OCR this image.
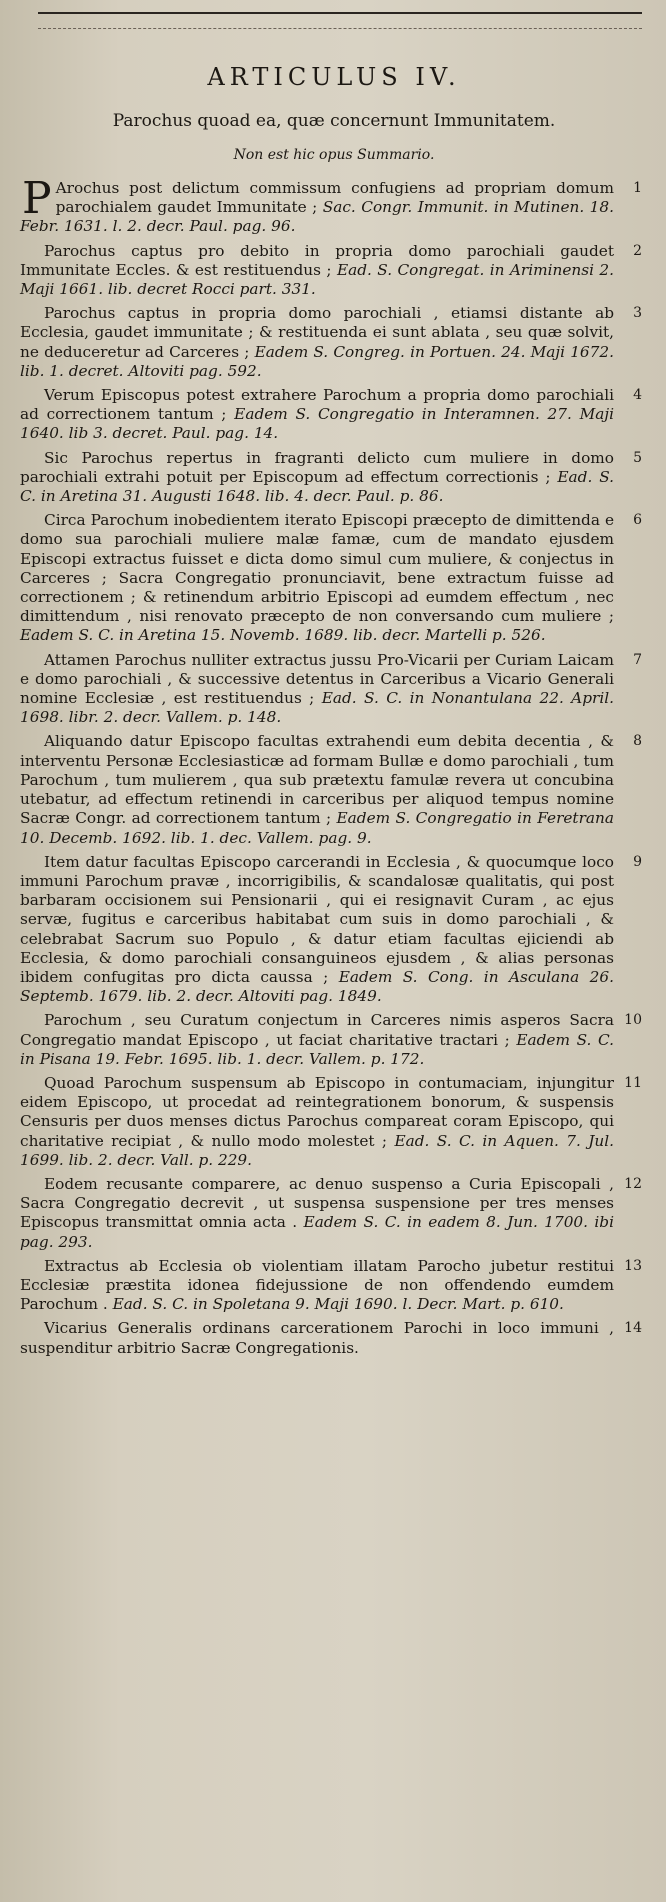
ARTICULUS IV.
Parochus quoad ea, quæ concernunt Immunitatem.
Non est hic opus Summario.
P Arochus post delictum commissum confugiens ad propriam domum parochialem gaudet Immunitate ; Sac. Congr. Immunit. in Mutinen. 18. Febr. 1631. l. 2. decr. Paul. pag. 96.
1
Parochus captus pro debito in propria domo parochiali gaudet Immunitate Eccles. & est restituendus ; Ead. S. Congregat. in Ariminensi 2. Maji 1661. lib. decret Rocci part. 331.
2
Parochus captus in propria domo parochiali , etiamsi distante ab Ecclesia, gaudet immunitate ; & restituenda ei sunt ablata , seu quæ solvit, ne deduceretur ad Carceres ; Eadem S. Congreg. in Portuen. 24. Maji 1672. lib. 1. decret. Altoviti pag. 592.
3
Verum Episcopus potest extrahere Parochum a propria domo parochiali ad correctionem tantum ; Eadem S. Congregatio in Interamnen. 27. Maji 1640. lib 3. decret. Paul. pag. 14.
4
Sic Parochus repertus in fragranti delicto cum muliere in domo parochiali extrahi potuit per Episcopum ad effectum correctionis ; Ead. S. C. in Aretina 31. Augusti 1648. lib. 4. decr. Paul. p. 86.
5
Circa Parochum inobedientem iterato Episcopi præcepto de dimittenda e domo sua parochiali muliere malæ famæ, cum de mandato ejusdem Episcopi extractus fuisset e dicta domo simul cum muliere, & conjectus in Carceres ; Sacra Congregatio pronunciavit, bene extractum fuisse ad correctionem ; & retinendum arbitrio Episcopi ad eumdem effectum , nec dimittendum , nisi renovato præcepto de non conversando cum muliere ; Eadem S. C. in Aretina 15. Novemb. 1689. lib. decr. Martelli p. 526.
6
Attamen Parochus nulliter extractus jussu Pro-Vicarii per Curiam Laicam e domo parochiali , & successive detentus in Carceribus a Vicario Generali nomine Ecclesiæ , est restituendus ; Ead. S. C. in Nonantulana 22. April. 1698. libr. 2. decr. Vallem. p. 148.
7
Aliquando datur Episcopo facultas extrahendi eum debita decentia , & interventu Personæ Ecclesiasticæ ad formam Bullæ e domo parochiali , tum Parochum , tum mulierem , qua sub prætextu famulæ revera ut concubina utebatur, ad effectum retinendi in carceribus per aliquod tempus nomine Sacræ Congr. ad correctionem tantum ; Eadem S. Congregatio in Feretrana 10. Decemb. 1692. lib. 1. dec. Vallem. pag. 9.
8
Item datur facultas Episcopo carcerandi in Ecclesia , & quocumque loco immuni Parochum pravæ , incorrigibilis, & scandalosæ qualitatis, qui post barbaram occisionem sui Pensionarii , qui ei resignavit Curam , ac ejus servæ, fugitus e carceribus habitabat cum suis in domo parochiali , & celebrabat Sacrum suo Populo , & datur etiam facultas ejiciendi ab Ecclesia, & domo parochiali consanguineos ejusdem , & alias personas ibidem confugitas pro dicta caussa ; Eadem S. Cong. in Asculana 26. Septemb. 1679. lib. 2. decr. Altoviti pag. 1849.
9
Parochum , seu Curatum conjectum in Carceres nimis asperos Sacra Congregatio mandat Episcopo , ut faciat charitative tractari ; Eadem S. C. in Pisana 19. Febr. 1695. lib. 1. decr. Vallem. p. 172.
10
Quoad Parochum suspensum ab Episcopo in contumaciam, injungitur eidem Episcopo, ut procedat ad reintegrationem bonorum, & suspensis Censuris per duos menses dictus Parochus compareat coram Episcopo, qui charitative recipiat , & nullo modo molestet ; Ead. S. C. in Aquen. 7. Jul. 1699. lib. 2. decr. Vall. p. 229.
11
Eodem recusante comparere, ac denuo suspenso a Curia Episcopali , Sacra Congregatio decrevit , ut suspensa suspensione per tres menses Episcopus transmittat omnia acta . Eadem S. C. in eadem 8. Jun. 1700. ibi pag. 293.
12
Extractus ab Ecclesia ob violentiam illatam Parocho jubetur restitui Ecclesiæ præstita idonea fidejussione de non offendendo eumdem Parochum . Ead. S. C. in Spoletana 9. Maji 1690. l. Decr. Mart. p. 610.
13
Vicarius Generalis ordinans carcerationem Parochi in loco immuni , suspenditur arbitrio Sacræ Congregationis.
14
